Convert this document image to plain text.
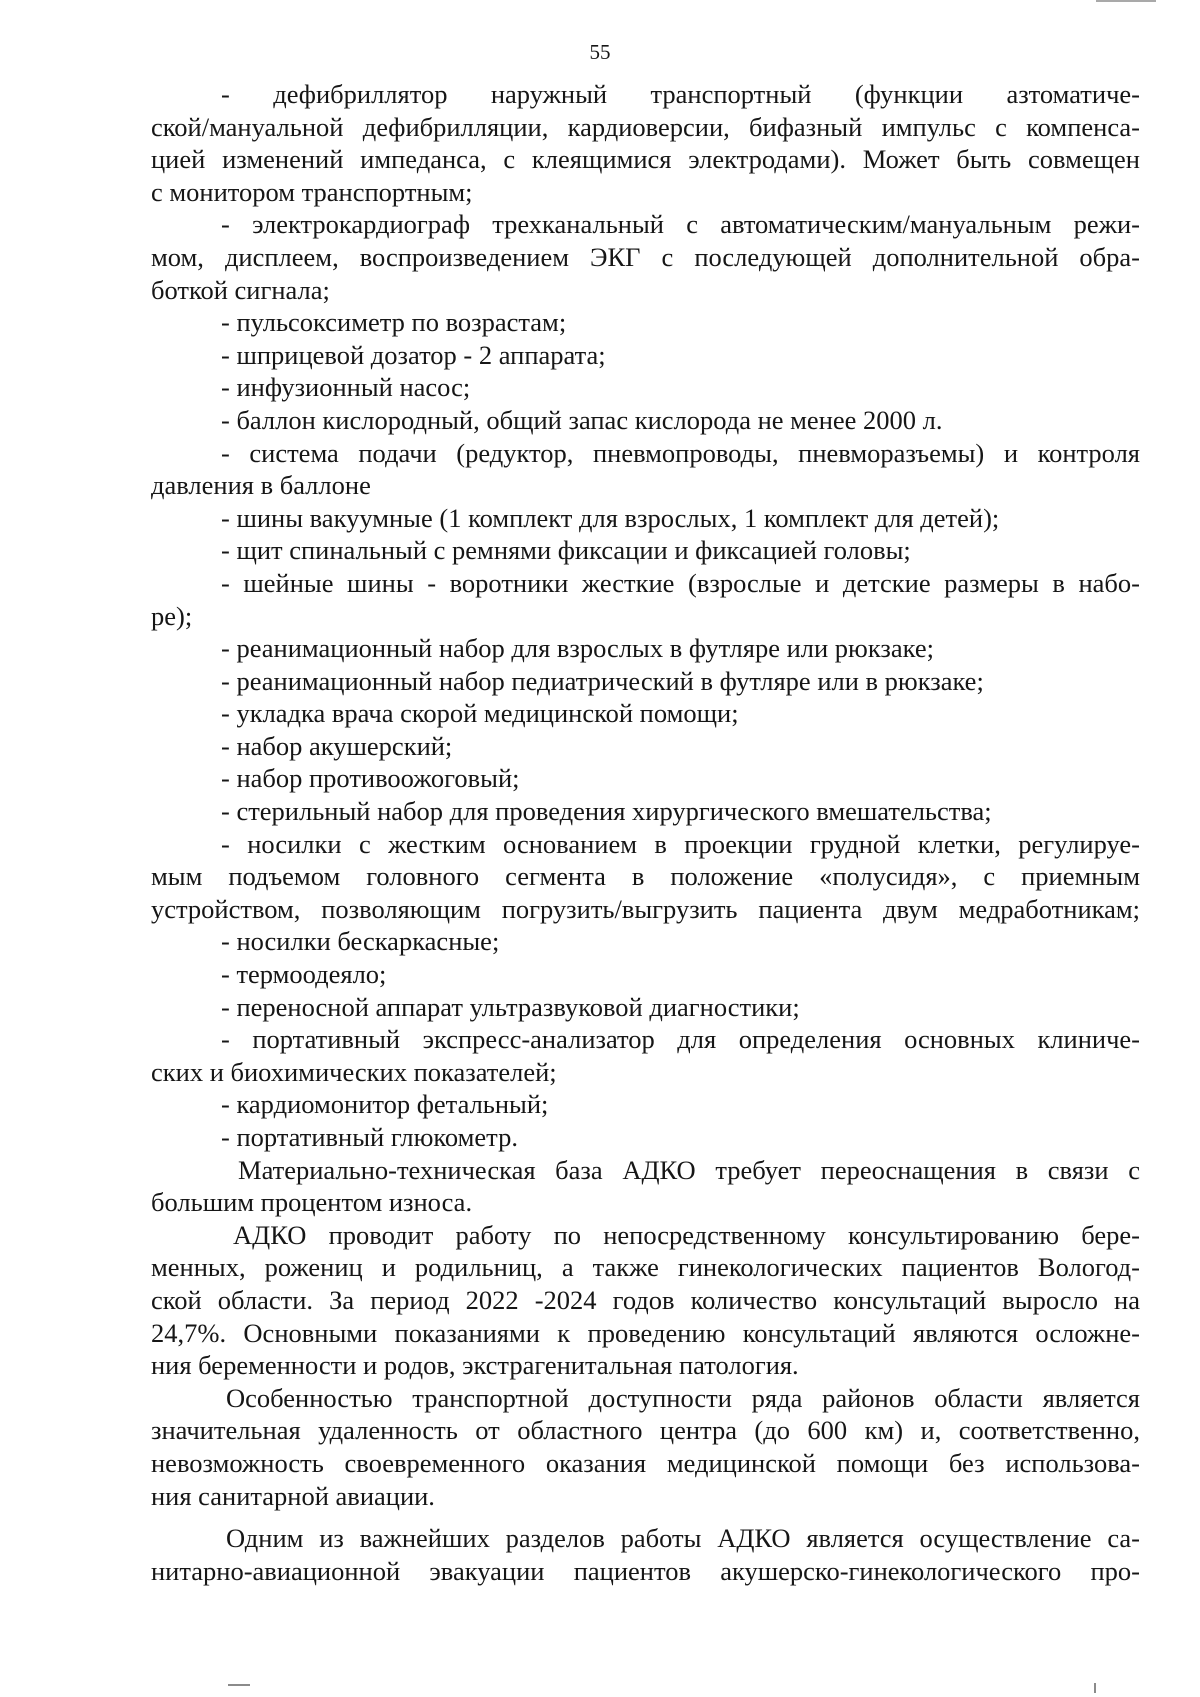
55

- дефибриллятор наружный транспортный (функции азтоматиче-

ской/мануальной дефибрилляции, кардиоверсии, бифазный импульс с компенса-

цией изменений импеданса, с клеящимися электродами). Может быть совмещен

с монитором транспортным;

- электрокардиограф трехканальный с автоматическим/мануальным режи-

мом, дисплеем, воспроизведением ЭКГ с последующей дополнительной обра-

боткой сигнала;

- пульсоксиметр по возрастам;

- шприцевой дозатор - 2 аппарата;

- инфузионный насос;

- баллон кислородный, общий запас кислорода не менее 2000 л.

- система подачи (редуктор, пневмопроводы, пневморазъемы) и контроля

давления в баллоне

- шины вакуумные (1 комплект для взрослых, 1 комплект для детей);

- щит спинальный с ремнями фиксации и фиксацией головы;

- шейные шины - воротники жесткие (взрослые и детские размеры в набо-

ре);

- реанимационный набор для взрослых в футляре или рюкзаке;

- реанимационный набор педиатрический в футляре или в рюкзаке;

- укладка врача скорой медицинской помощи;

- набор акушерский;

- набор противоожоговый;

- стерильный набор для проведения хирургического вмешательства;

- носилки с жестким основанием в проекции грудной клетки, регулируе-

мым подъемом головного сегмента в положение «полусидя», с приемным

устройством, позволяющим погрузить/выгрузить пациента двум медработникам;

- носилки бескаркасные;

- термоодеяло;

- переносной аппарат ультразвуковой диагностики;

- портативный экспресс-анализатор для определения основных клиниче-

ских и биохимических показателей;

- кардиомонитор фетальный;

- портативный глюкометр.

Материально-техническая база АДКО требует переоснащения в связи с

большим процентом износа.

АДКО проводит работу по непосредственному консультированию бере-

менных, рожениц и родильниц, а также гинекологических пациентов Вологод-

ской области. За период 2022 -2024 годов количество консультаций выросло на

24,7%. Основными показаниями к проведению консультаций являются осложне-

ния беременности и родов, экстрагенитальная патология.

Особенностью транспортной доступности ряда районов области является

значительная удаленность от областного центра (до 600 км) и, соответственно,

невозможность своевременного оказания медицинской помощи без использова-

ния санитарной авиации.

Одним из важнейших разделов работы АДКО является осуществление са-

нитарно-авиационной эвакуации пациентов акушерско-гинекологического про-
